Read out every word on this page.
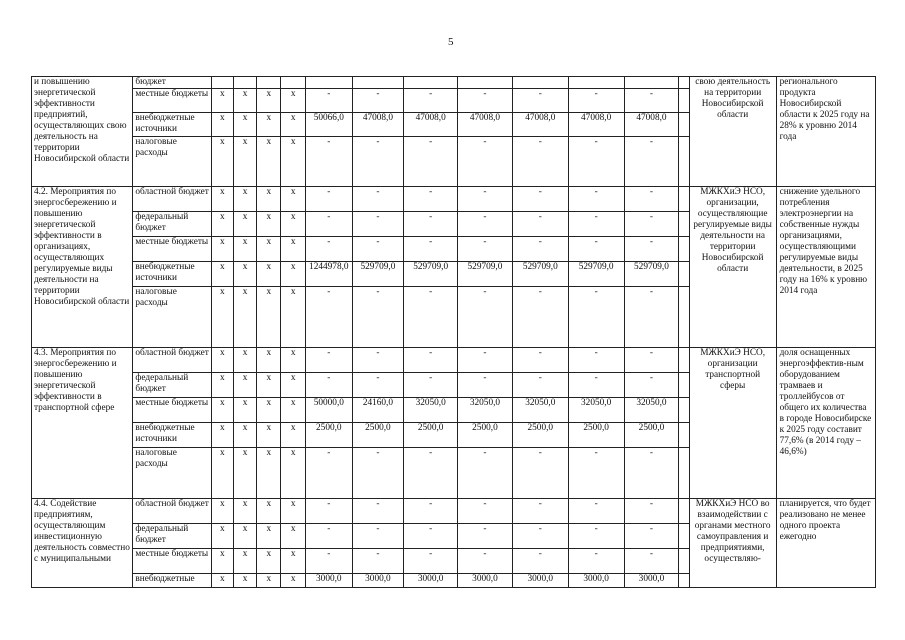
5
и повышению энергетической эффективности предприятий, осуществляющих свою деятельность на территории Новосибирской области	бюджет													свою деятельность на территории Новосибирской области	регионального продукта Новосибирской области к 2025 году на 28% к уровню 2014 года
	местные бюджеты	x	x	x	x	-	-	-	-	-	-	-			
	внебюджетные источники	x	x	x	x	50066,0	47008,0	47008,0	47008,0	47008,0	47008,0	47008,0			
	налоговые расходы	x	x	x	x	-	-	-	-	-	-	-			
4.2. Мероприятия по энергосбережению и повышению энергетической эффективности в организациях, осуществляющих регулируемые виды деятельности на территории Новосибирской области	областной бюджет	x	x	x	x	-	-	-	-	-	-	-		МЖКХиЭ НСО, организации, осуществляющие регулируемые виды деятельности на территории Новосибирской области	снижение удельного потребления электроэнергии на собственные нужды организациями, осуществляющими регулируемые виды деятельности, в 2025 году на 16% к уровню 2014 года
	федеральный бюджет	x	x	x	x	-	-	-	-	-	-	-			
	местные бюджеты	x	x	x	x	-	-	-	-	-	-	-			
	внебюджетные источники	x	x	x	x	1244978,0	529709,0	529709,0	529709,0	529709,0	529709,0	529709,0			
	налоговые расходы	x	x	x	x	-	-	-	-	-	-	-			
4.3. Мероприятия по энергосбережению и повышению энергетической эффективности в транспортной сфере	областной бюджет	x	x	x	x	-	-	-	-	-	-	-		МЖКХиЭ НСО, организации транспортной сферы	доля оснащенных энергоэффектив-ным оборудованием трамваев и троллейбусов от общего их количества в городе Новосибирске к 2025 году составит 77,6% (в 2014 году – 46,6%)
	федеральный бюджет	x	x	x	x	-	-	-	-	-	-	-			
	местные бюджеты	x	x	x	x	50000,0	24160,0	32050,0	32050,0	32050,0	32050,0	32050,0			
	внебюджетные источники	x	x	x	x	2500,0	2500,0	2500,0	2500,0	2500,0	2500,0	2500,0			
	налоговые расходы	x	x	x	x	-	-	-	-	-	-	-			
4.4. Содействие предприятиям, осуществляющим инвестиционную деятельность совместно с муниципальными	областной бюджет	x	x	x	x	-	-	-	-	-	-	-		МЖКХиЭ НСО во взаимодействии с органами местного самоуправления и предприятиями, осуществляю-	планируется, что будет реализовано не менее одного проекта ежегодно
	федеральный бюджет	x	x	x	x	-	-	-	-	-	-	-			
	местные бюджеты	x	x	x	x	-	-	-	-	-	-	-			
	внебюджетные	x	x	x	x	3000,0	3000,0	3000,0	3000,0	3000,0	3000,0	3000,0			
